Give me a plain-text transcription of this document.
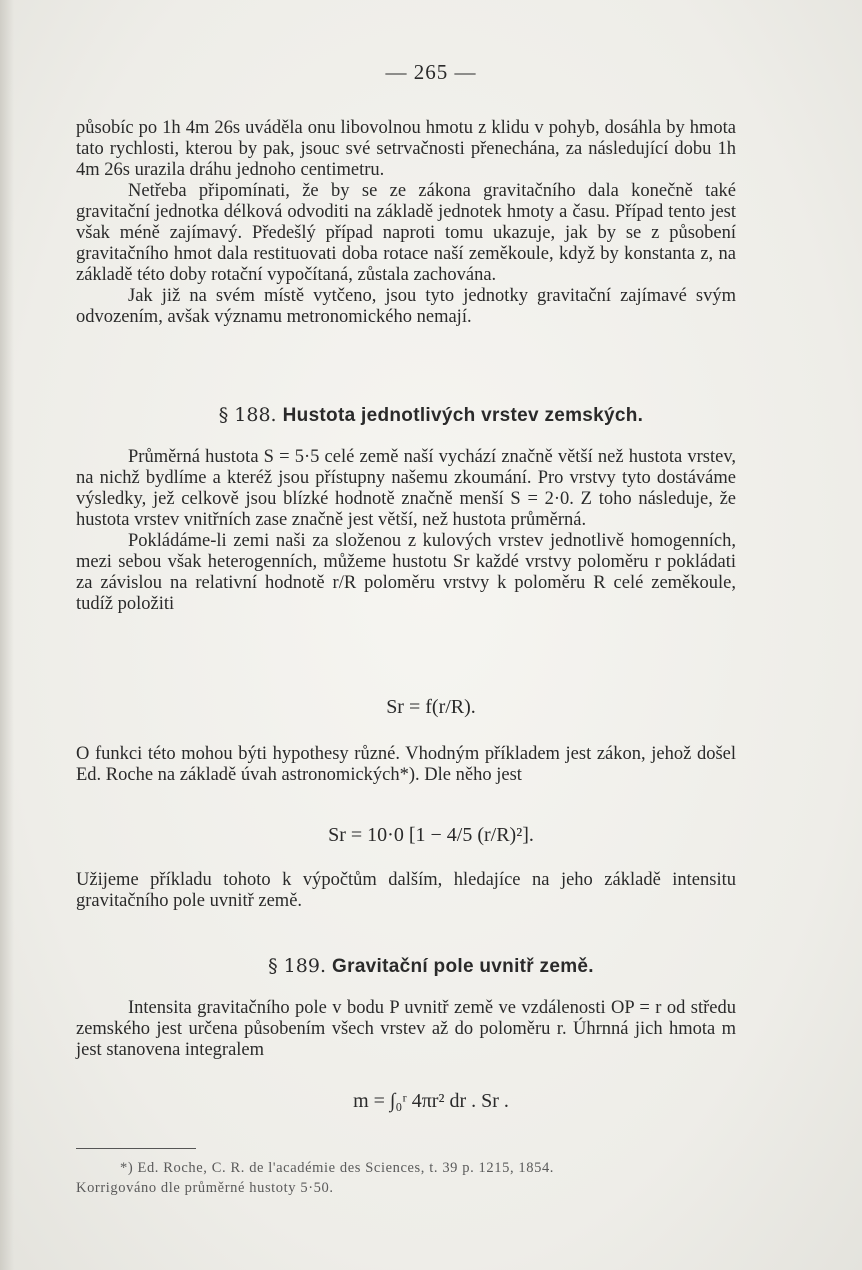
— 265 —

působíc po 1h 4m 26s uváděla onu libovolnou hmotu z klidu v pohyb, dosáhla by hmota tato rychlosti, kterou by pak, jsouc své setrvačnosti přenechána, za následující dobu 1h 4m 26s urazila dráhu jednoho centimetru.

Netřeba připomínati, že by se ze zákona gravitačního dala konečně také gravitační jednotka délková odvoditi na základě jednotek hmoty a času. Případ tento jest však méně zajímavý. Předešlý případ naproti tomu ukazuje, jak by se z působení gravitačního hmot dala restituovati doba rotace naší zeměkoule, když by konstanta z, na základě této doby rotační vypočítaná, zůstala zachována.

Jak již na svém místě vytčeno, jsou tyto jednotky gravitační zajímavé svým odvozením, avšak významu metronomického nemají.

§ 188. Hustota jednotlivých vrstev zemských.

Průměrná hustota S = 5·5 celé země naší vychází značně větší než hustota vrstev, na nichž bydlíme a kteréž jsou přístupny našemu zkoumání. Pro vrstvy tyto dostáváme výsledky, jež celkově jsou blízké hodnotě značně menší S = 2·0. Z toho následuje, že hustota vrstev vnitřních zase značně jest větší, než hustota průměrná.

Pokládáme-li zemi naši za složenou z kulových vrstev jednotlivě homogenních, mezi sebou však heterogenních, můžeme hustotu Sr každé vrstvy poloměru r pokládati za závislou na relativní hodnotě r/R poloměru vrstvy k poloměru R celé zeměkoule, tudíž položiti

Sr = f(r/R).

O funkci této mohou býti hypothesy různé. Vhodným příkladem jest zákon, jehož došel Ed. Roche na základě úvah astronomických*). Dle něho jest

Sr = 10·0 [1 − 4/5 (r/R)²].

Užijeme příkladu tohoto k výpočtům dalším, hledajíce na jeho základě intensitu gravitačního pole uvnitř země.

§ 189. Gravitační pole uvnitř země.

Intensita gravitačního pole v bodu P uvnitř země ve vzdálenosti OP = r od středu zemského jest určena působením všech vrstev až do poloměru r. Úhrnná jich hmota m jest stanovena integralem

m = ∫₀ʳ 4πr² dr . Sr .

*) Ed. Roche, C. R. de l'académie des Sciences, t. 39 p. 1215, 1854.

Korrigováno dle průměrné hustoty 5·50.
